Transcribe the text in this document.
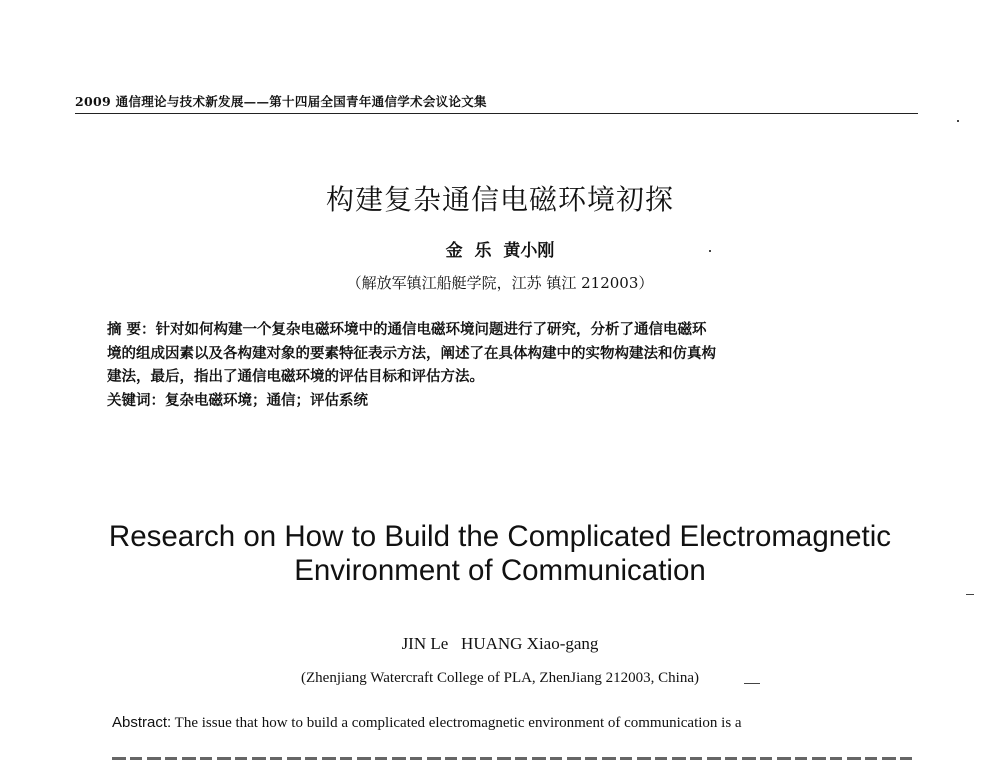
2009 通信理论与技术新发展——第十四届全国青年通信学术会议论文集
构建复杂通信电磁环境初探
金 乐 黄小刚
（解放军镇江船艇学院，江苏 镇江 212003）

摘 要：针对如何构建一个复杂电磁环境中的通信电磁环境问题进行了研究，分析了通信电磁环

境的组成因素以及各构建对象的要素特征表示方法，阐述了在具体构建中的实物构建法和仿真构

建法，最后，指出了通信电磁环境的评估目标和评估方法。

关键词：复杂电磁环境；通信；评估系统

Research on How to Build the Complicated Electromagnetic
Environment of Communication
JIN Le   HUANG Xiao-gang
(Zhenjiang Watercraft College of PLA, ZhenJiang 212003, China)
Abstract: The issue that how to build a complicated electromagnetic environment of communication is a
